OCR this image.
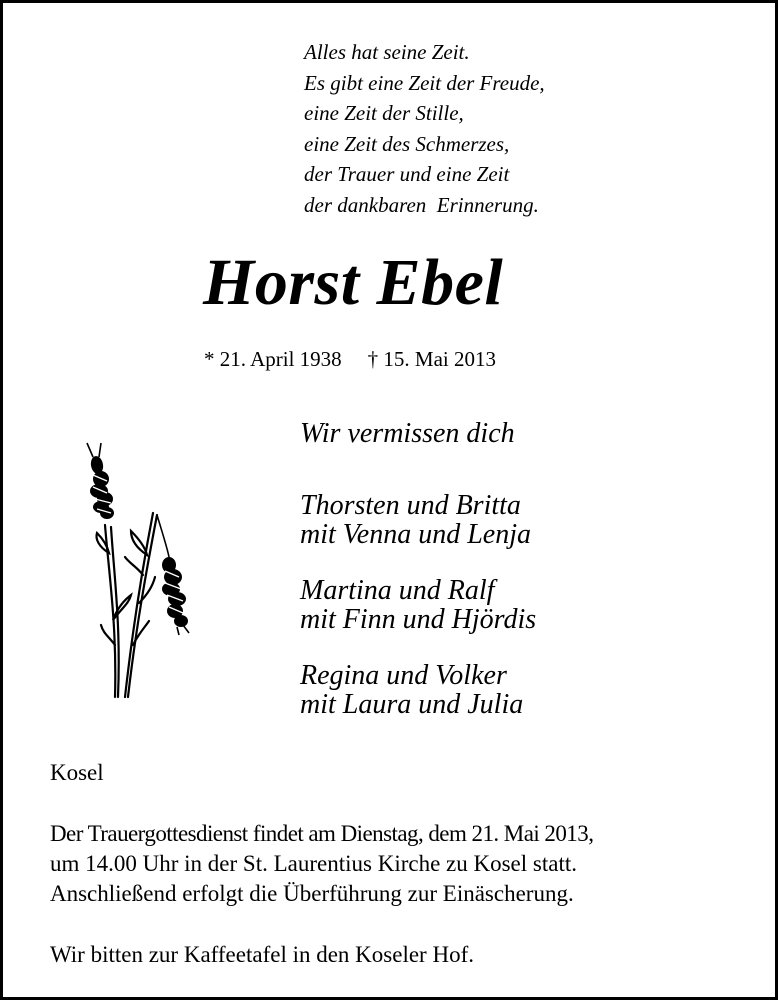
Alles hat seine Zeit.
Es gibt eine Zeit der Freude,
eine Zeit der Stille,
eine Zeit des Schmerzes,
der Trauer und eine Zeit
der dankbaren  Erinnerung.
Horst Ebel
* 21. April 1938 † 15. Mai 2013
Wir vermissen dich
Thorsten und Britta
mit Venna und Lenja
Martina und Ralf
mit Finn und Hjördis
Regina und Volker
mit Laura und Julia
Kosel
Der Trauergottesdienst findet am Dienstag, dem 21. Mai 2013,
um 14.00 Uhr in der St. Laurentius Kirche zu Kosel statt.
Anschließend erfolgt die Überführung zur Einäscherung.
Wir bitten zur Kaffeetafel in den Koseler Hof.
